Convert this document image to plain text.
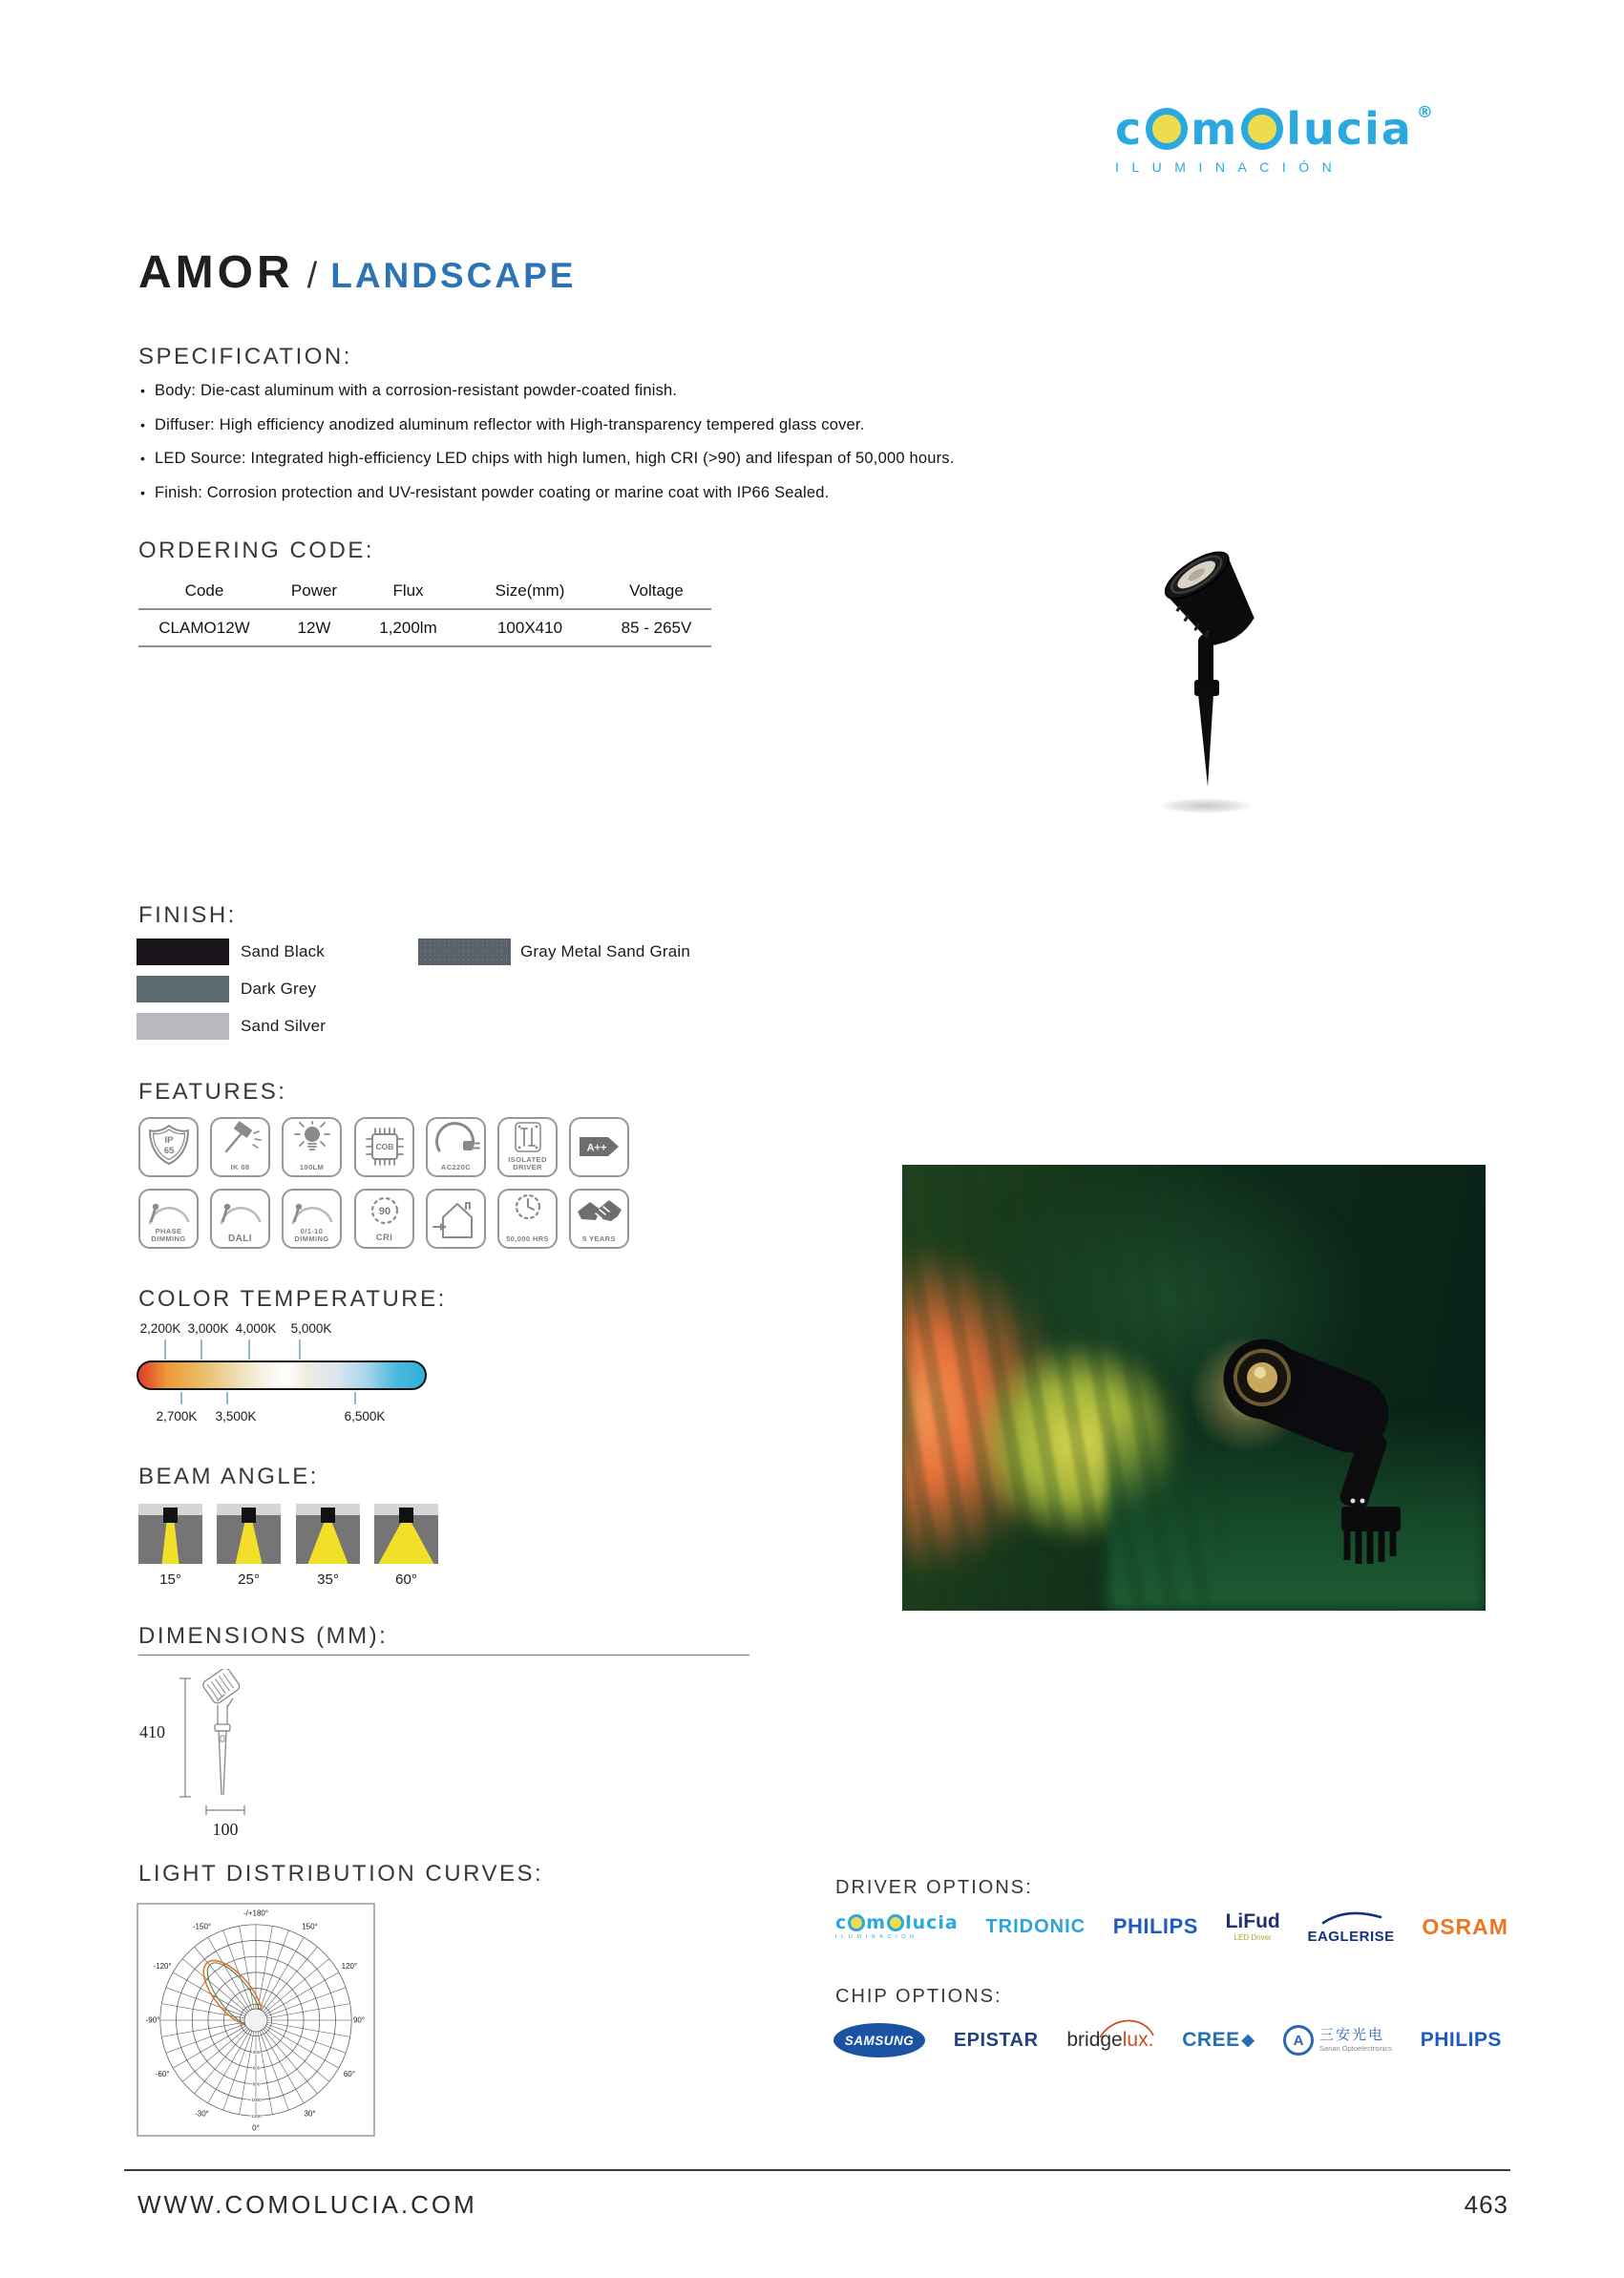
c m lucia ®
ILUMINACIÓN
AMOR / LANDSCAPE
SPECIFICATION:
• Body: Die-cast aluminum with a corrosion-resistant powder-coated finish.
• Diffuser: High efficiency anodized aluminum reflector with High-transparency tempered glass cover.
• LED Source: Integrated high-efficiency LED chips with high lumen, high CRI (>90) and lifespan of 50,000 hours.
• Finish: Corrosion protection and UV-resistant powder coating or marine coat with IP66 Sealed.
ORDERING CODE:
Code	Power	Flux	Size(mm)	Voltage
CLAMO12W	12W	1,200lm	100X410	85 - 265V
FINISH:
Sand Black
Dark Grey
Sand Silver
Gray Metal Sand Grain
FEATURES:
IP
65
IK 08	100LM
COB
AC220C
ISOLATED DRIVER
A++
PHASE DIMMING	DALI
0/1-10 DIMMING
90
CRI	50,000 HRS	5 YEARS
COLOR TEMPERATURE:
2,200K 3,000K 4,000K	5,000K
2,700K	3,500K	6,500K
BEAM ANGLE:
15°	25°	35°	60°
DIMENSIONS (MM):
410
100
LIGHT DISTRIBUTION CURVES:
400
600
800
1000
1200
-/+180°
-150°	150°
-120°	120°
-90°	90°
-60°	60°
-30°	30°
0°
DRIVER OPTIONS:
c m lucia
ILUMINACIÓN	TRIDONIC PHILIPS LiFud
LED Driver	EAGLERISE OSRAM
CHIP OPTIONS:
SAMSUNG EPISTAR bridgelux. CREE ◆	A	三安光电
Sanan Optoelectronics PHILIPS
WWW.COMOLUCIA.COM	463
